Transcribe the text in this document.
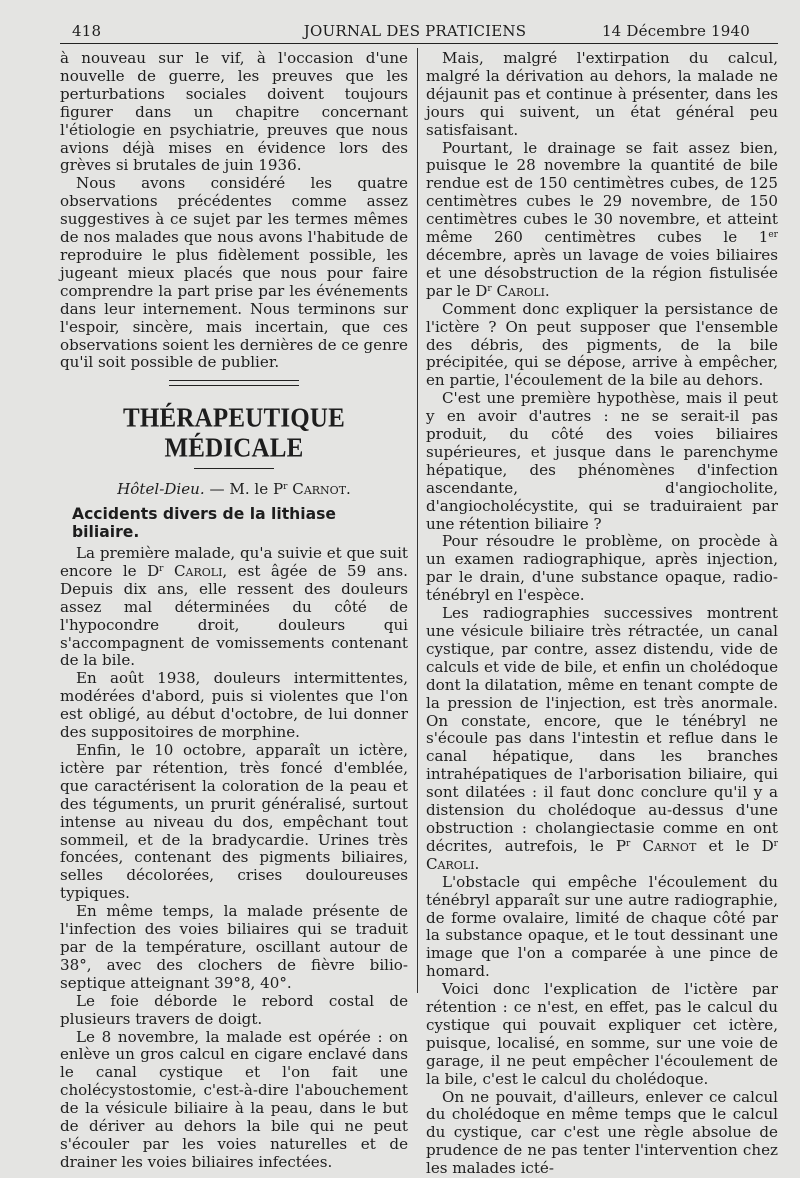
418	JOURNAL DES PRATICIENS	14 Décembre 1940

à nouveau sur le vif, à l'occasion d'une nouvelle de guerre, les preuves que les perturbations sociales doivent toujours figurer dans un chapitre concernant l'étiologie en psychiatrie, preuves que nous avions déjà mises en évidence lors des grèves si brutales de juin 1936.

Nous avons considéré les quatre observations précédentes comme assez suggestives à ce sujet par les termes mêmes de nos malades que nous avons l'habitude de reproduire le plus fidèlement possible, les jugeant mieux placés que nous pour faire comprendre la part prise par les événements dans leur internement. Nous terminons sur l'espoir, sincère, mais incertain, que ces observations soient les dernières de ce genre qu'il soit possible de publier.

THÉRAPEUTIQUE MÉDICALE
Hôtel-Dieu. — M. le $P^r$ Carnot.
Accidents divers de la lithiase biliaire.

La première malade, qu'a suivie et que suit encore le $D^r$ Caroli, est âgée de 59 ans. Depuis dix ans, elle ressent des douleurs assez mal déterminées du côté de l'hypocondre droit, douleurs qui s'accompagnent de vomissements contenant de la bile.

En août 1938, douleurs intermittentes, modérées d'abord, puis si violentes que l'on est obligé, au début d'octobre, de lui donner des suppositoires de morphine.

Enfin, le 10 octobre, apparaît un ictère, ictère par rétention, très foncé d'emblée, que caractérisent la coloration de la peau et des téguments, un prurit généralisé, surtout intense au niveau du dos, empêchant tout sommeil, et de la bradycardie. Urines très foncées, contenant des pigments biliaires, selles décolorées, crises douloureuses typiques.

En même temps, la malade présente de l'infection des voies biliaires qui se traduit par de la température, oscillant autour de 38°, avec des clochers de fièvre bilio-septique atteignant 39°8, 40°.

Le foie déborde le rebord costal de plusieurs travers de doigt.

Le 8 novembre, la malade est opérée : on enlève un gros calcul en cigare enclavé dans le canal cystique et l'on fait une cholécystostomie, c'est-à-dire l'abouchement de la vésicule biliaire à la peau, dans le but de dériver au dehors la bile qui ne peut s'écouler par les voies naturelles et de drainer les voies biliaires infectées.

Mais, malgré l'extirpation du calcul, malgré la dérivation au dehors, la malade ne déjaunit pas et continue à présenter, dans les jours qui suivent, un état général peu satisfaisant.

Pourtant, le drainage se fait assez bien, puisque le 28 novembre la quantité de bile rendue est de 150 centimètres cubes, de 125 centimètres cubes le 29 novembre, de 150 centimètres cubes le 30 novembre, et atteint même 260 centimètres cubes le 1er décembre, après un lavage de voies biliaires et une désobstruction de la région fistulisée par le $D^r$ Caroli.

Comment donc expliquer la persistance de l'ictère ? On peut supposer que l'ensemble des débris, des pigments, de la bile précipitée, qui se dépose, arrive à empêcher, en partie, l'écoulement de la bile au dehors.

C'est une première hypothèse, mais il peut y en avoir d'autres : ne se serait-il pas produit, du côté des voies biliaires supérieures, et jusque dans le parenchyme hépatique, des phénomènes d'infection ascendante, d'angiocholite, d'angiocholécystite, qui se traduiraient par une rétention biliaire ?

Pour résoudre le problème, on procède à un examen radiographique, après injection, par le drain, d'une substance opaque, radio-ténébryl en l'espèce.

Les radiographies successives montrent une vésicule biliaire très rétractée, un canal cystique, par contre, assez distendu, vide de calculs et vide de bile, et enfin un cholédoque dont la dilatation, même en tenant compte de la pression de l'injection, est très anormale. On constate, encore, que le ténébryl ne s'écoule pas dans l'intestin et reflue dans le canal hépatique, dans les branches intrahépatiques de l'arborisation biliaire, qui sont dilatées : il faut donc conclure qu'il y a distension du cholédoque au-dessus d'une obstruction : cholangiectasie comme en ont décrites, autrefois, le $P^r$ Carnot et le $D^r$ Caroli.

L'obstacle qui empêche l'écoulement du ténébryl apparaît sur une autre radiographie, de forme ovalaire, limité de chaque côté par la substance opaque, et le tout dessinant une image que l'on a comparée à une pince de homard.

Voici donc l'explication de l'ictère par rétention : ce n'est, en effet, pas le calcul du cystique qui pouvait expliquer cet ictère, puisque, localisé, en somme, sur une voie de garage, il ne peut empêcher l'écoulement de la bile, c'est le calcul du cholédoque.

On ne pouvait, d'ailleurs, enlever ce calcul du cholédoque en même temps que le calcul du cystique, car c'est une règle absolue de prudence de ne pas tenter l'intervention chez les malades icté-
